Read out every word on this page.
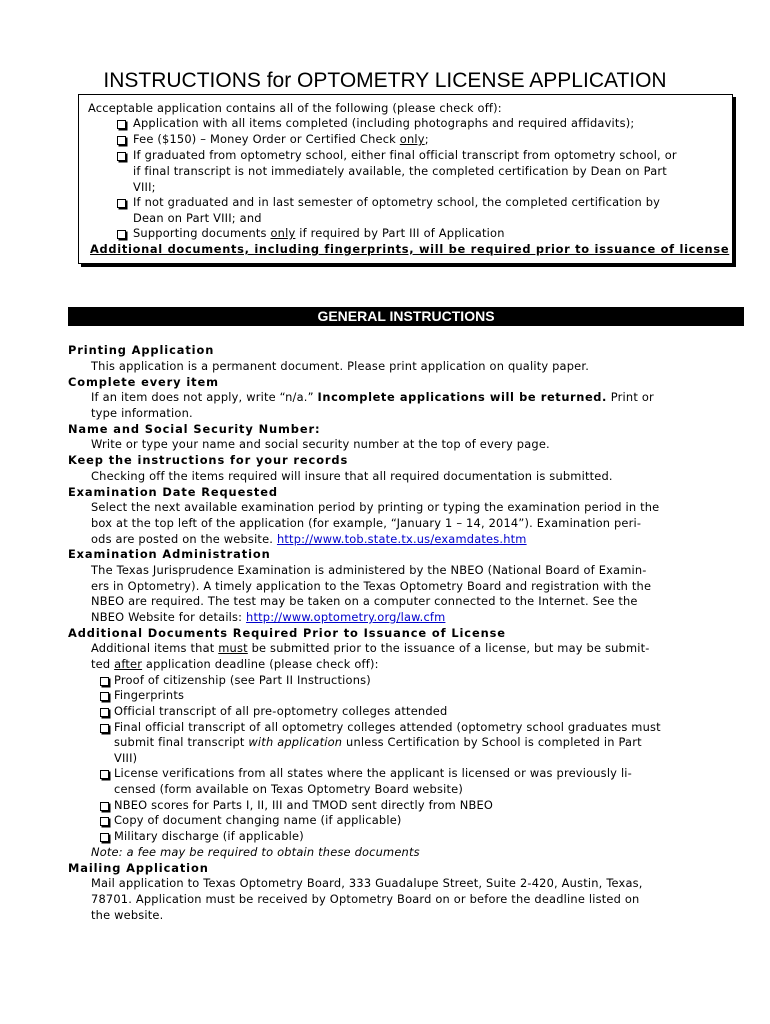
INSTRUCTIONS for OPTOMETRY LICENSE APPLICATION
Acceptable application contains all of the following (please check off):
Application with all items completed (including photographs and required affidavits);
Fee ($150) – Money Order or Certified Check only;
If graduated from optometry school, either final official transcript from optometry school, or
if final transcript is not immediately available, the completed certification by Dean on Part
VIII;
If not graduated and in last semester of optometry school, the completed certification by
Dean on Part VIII; and
Supporting documents only if required by Part III of Application
Additional documents, including fingerprints, will be required prior to issuance of license
GENERAL INSTRUCTIONS
Printing Application
This application is a permanent document. Please print application on quality paper.
Complete every item
If an item does not apply, write “n/a.” Incomplete applications will be returned. Print or
type information.
Name and Social Security Number:
Write or type your name and social security number at the top of every page.
Keep the instructions for your records
Checking off the items required will insure that all required documentation is submitted.
Examination Date Requested
Select the next available examination period by printing or typing the examination period in the
box at the top left of the application (for example, “January 1 – 14, 2014”). Examination peri-
ods are posted on the website. http://www.tob.state.tx.us/examdates.htm
Examination Administration
The Texas Jurisprudence Examination is administered by the NBEO (National Board of Examin-
ers in Optometry). A timely application to the Texas Optometry Board and registration with the
NBEO are required. The test may be taken on a computer connected to the Internet. See the
NBEO Website for details: http://www.optometry.org/law.cfm
Additional Documents Required Prior to Issuance of License
Additional items that must be submitted prior to the issuance of a license, but may be submit-
ted after application deadline (please check off):
Proof of citizenship (see Part II Instructions)
Fingerprints
Official transcript of all pre-optometry colleges attended
Final official transcript of all optometry colleges attended (optometry school graduates must
submit final transcript with application unless Certification by School is completed in Part
VIII)
License verifications from all states where the applicant is licensed or was previously li-
censed (form available on Texas Optometry Board website)
NBEO scores for Parts I, II, III and TMOD sent directly from NBEO
Copy of document changing name (if applicable)
Military discharge (if applicable)
Note: a fee may be required to obtain these documents
Mailing Application
Mail application to Texas Optometry Board, 333 Guadalupe Street, Suite 2-420, Austin, Texas,
78701. Application must be received by Optometry Board on or before the deadline listed on
the website.
